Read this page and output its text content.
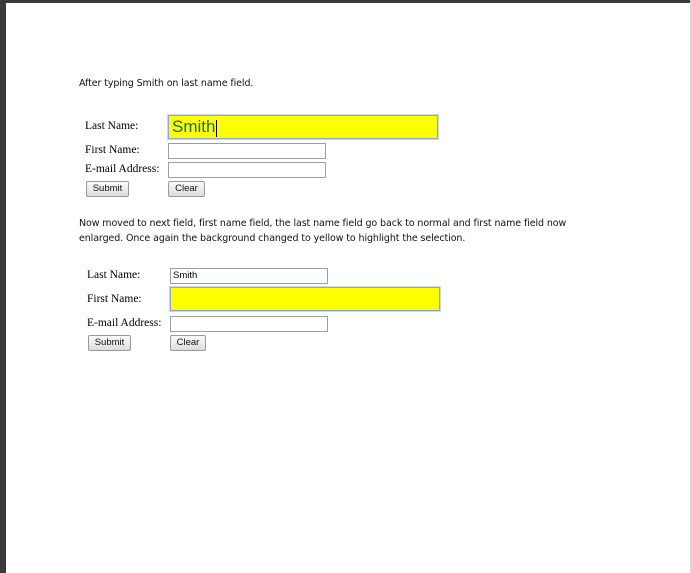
After typing Smith on last name field.
Last Name: Smith
First Name:
E-mail Address:
Submit	Clear
Now moved to next field, first name field, the last name field go back to normal and first name field now enlarged. Once again the background changed to yellow to highlight the selection.
Last Name:	Smith
First Name:
E-mail Address:
Submit	Clear
